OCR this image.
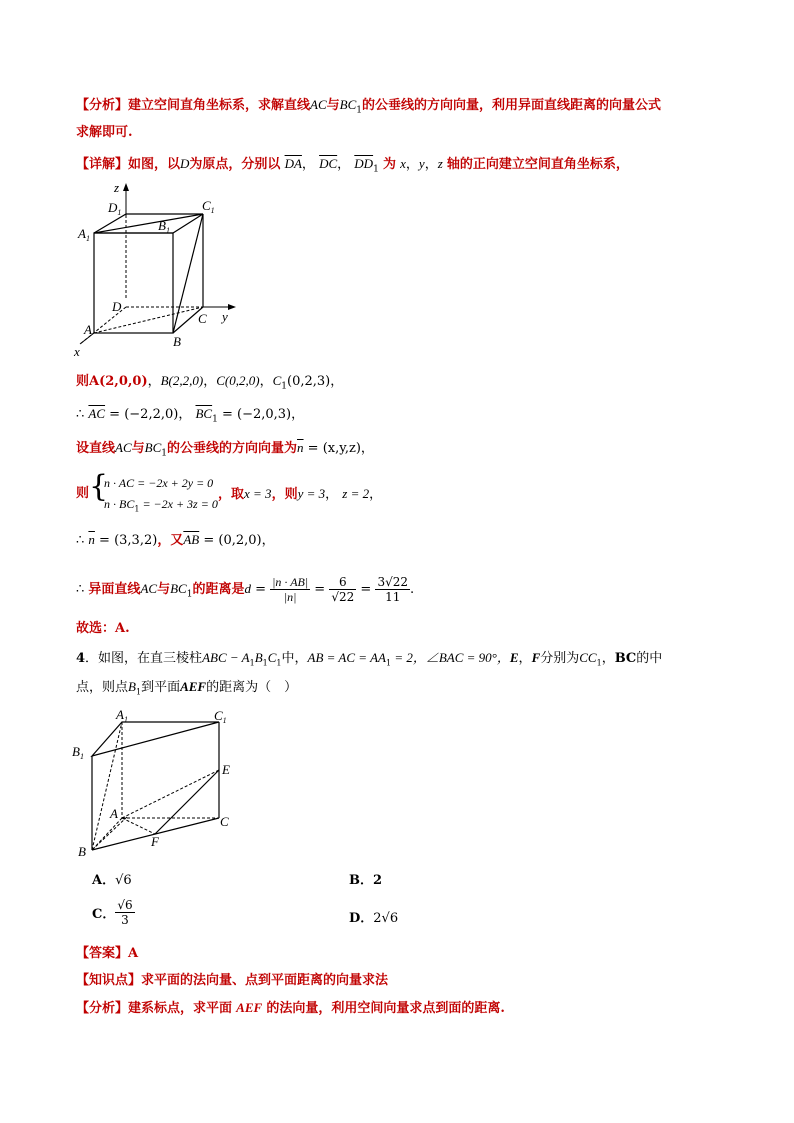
【分析】建立空间直角坐标系，求解直线AC与$BC_1$的公垂线的方向向量，利用异面直线距离的向量公式
求解即可.
【详解】如图，以D为原点，分别以 $\overline{DA}$， $\overline{DC}$， $\overline{DD}_1$ 为 x，y，z 轴的正向建立空间直角坐标系，
z
$D_1$	$C_1$
$A_1$
$B_1$
D
C y
A
B
x
则A(2,0,0)，B(2,2,0)，C(0,2,0)，$C_1(0,2,3)$，
∴ $\overline{AC} = (-2,2,0)$， $\overline{BC}_1 = (-2,0,3)$，
设直线AC与$BC_1$的公垂线的方向向量为$\overline{n} = (x,y,z)$，
则 {
n · AC = −2x + 2y = 0
$n \cdot BC_1 = -2x + 3z = 0$
，取x = 3，则y = 3， z = 2，
∴ $\overline{n} = (3,3,2)$，又$\overline{AB} = (0,2,0)$，
∴ 异面直线AC与$BC_1$的距离是$d = \frac{|n \cdot AB|}{|n|} = \frac{6}{√22} = \frac{3√22}{11}$ .
故选：A.
4．如图，在直三棱柱ABC − $A_1B_1C_1$中，AB = AC = $AA_1 = 2$，∠BAC = 90°，E，F分别为$CC_1$，BC的中
点，则点$B_1$到平面AEF的距离为（　）
$A_1$	$C_1$
$B_1$
E
A
C
F
B
A．√6	B．2
C． $\frac{√6}{3}$	D．2√6
【答案】A
【知识点】求平面的法向量、点到平面距离的向量求法
【分析】建系标点，求平面 AEF 的法向量，利用空间向量求点到面的距离.
